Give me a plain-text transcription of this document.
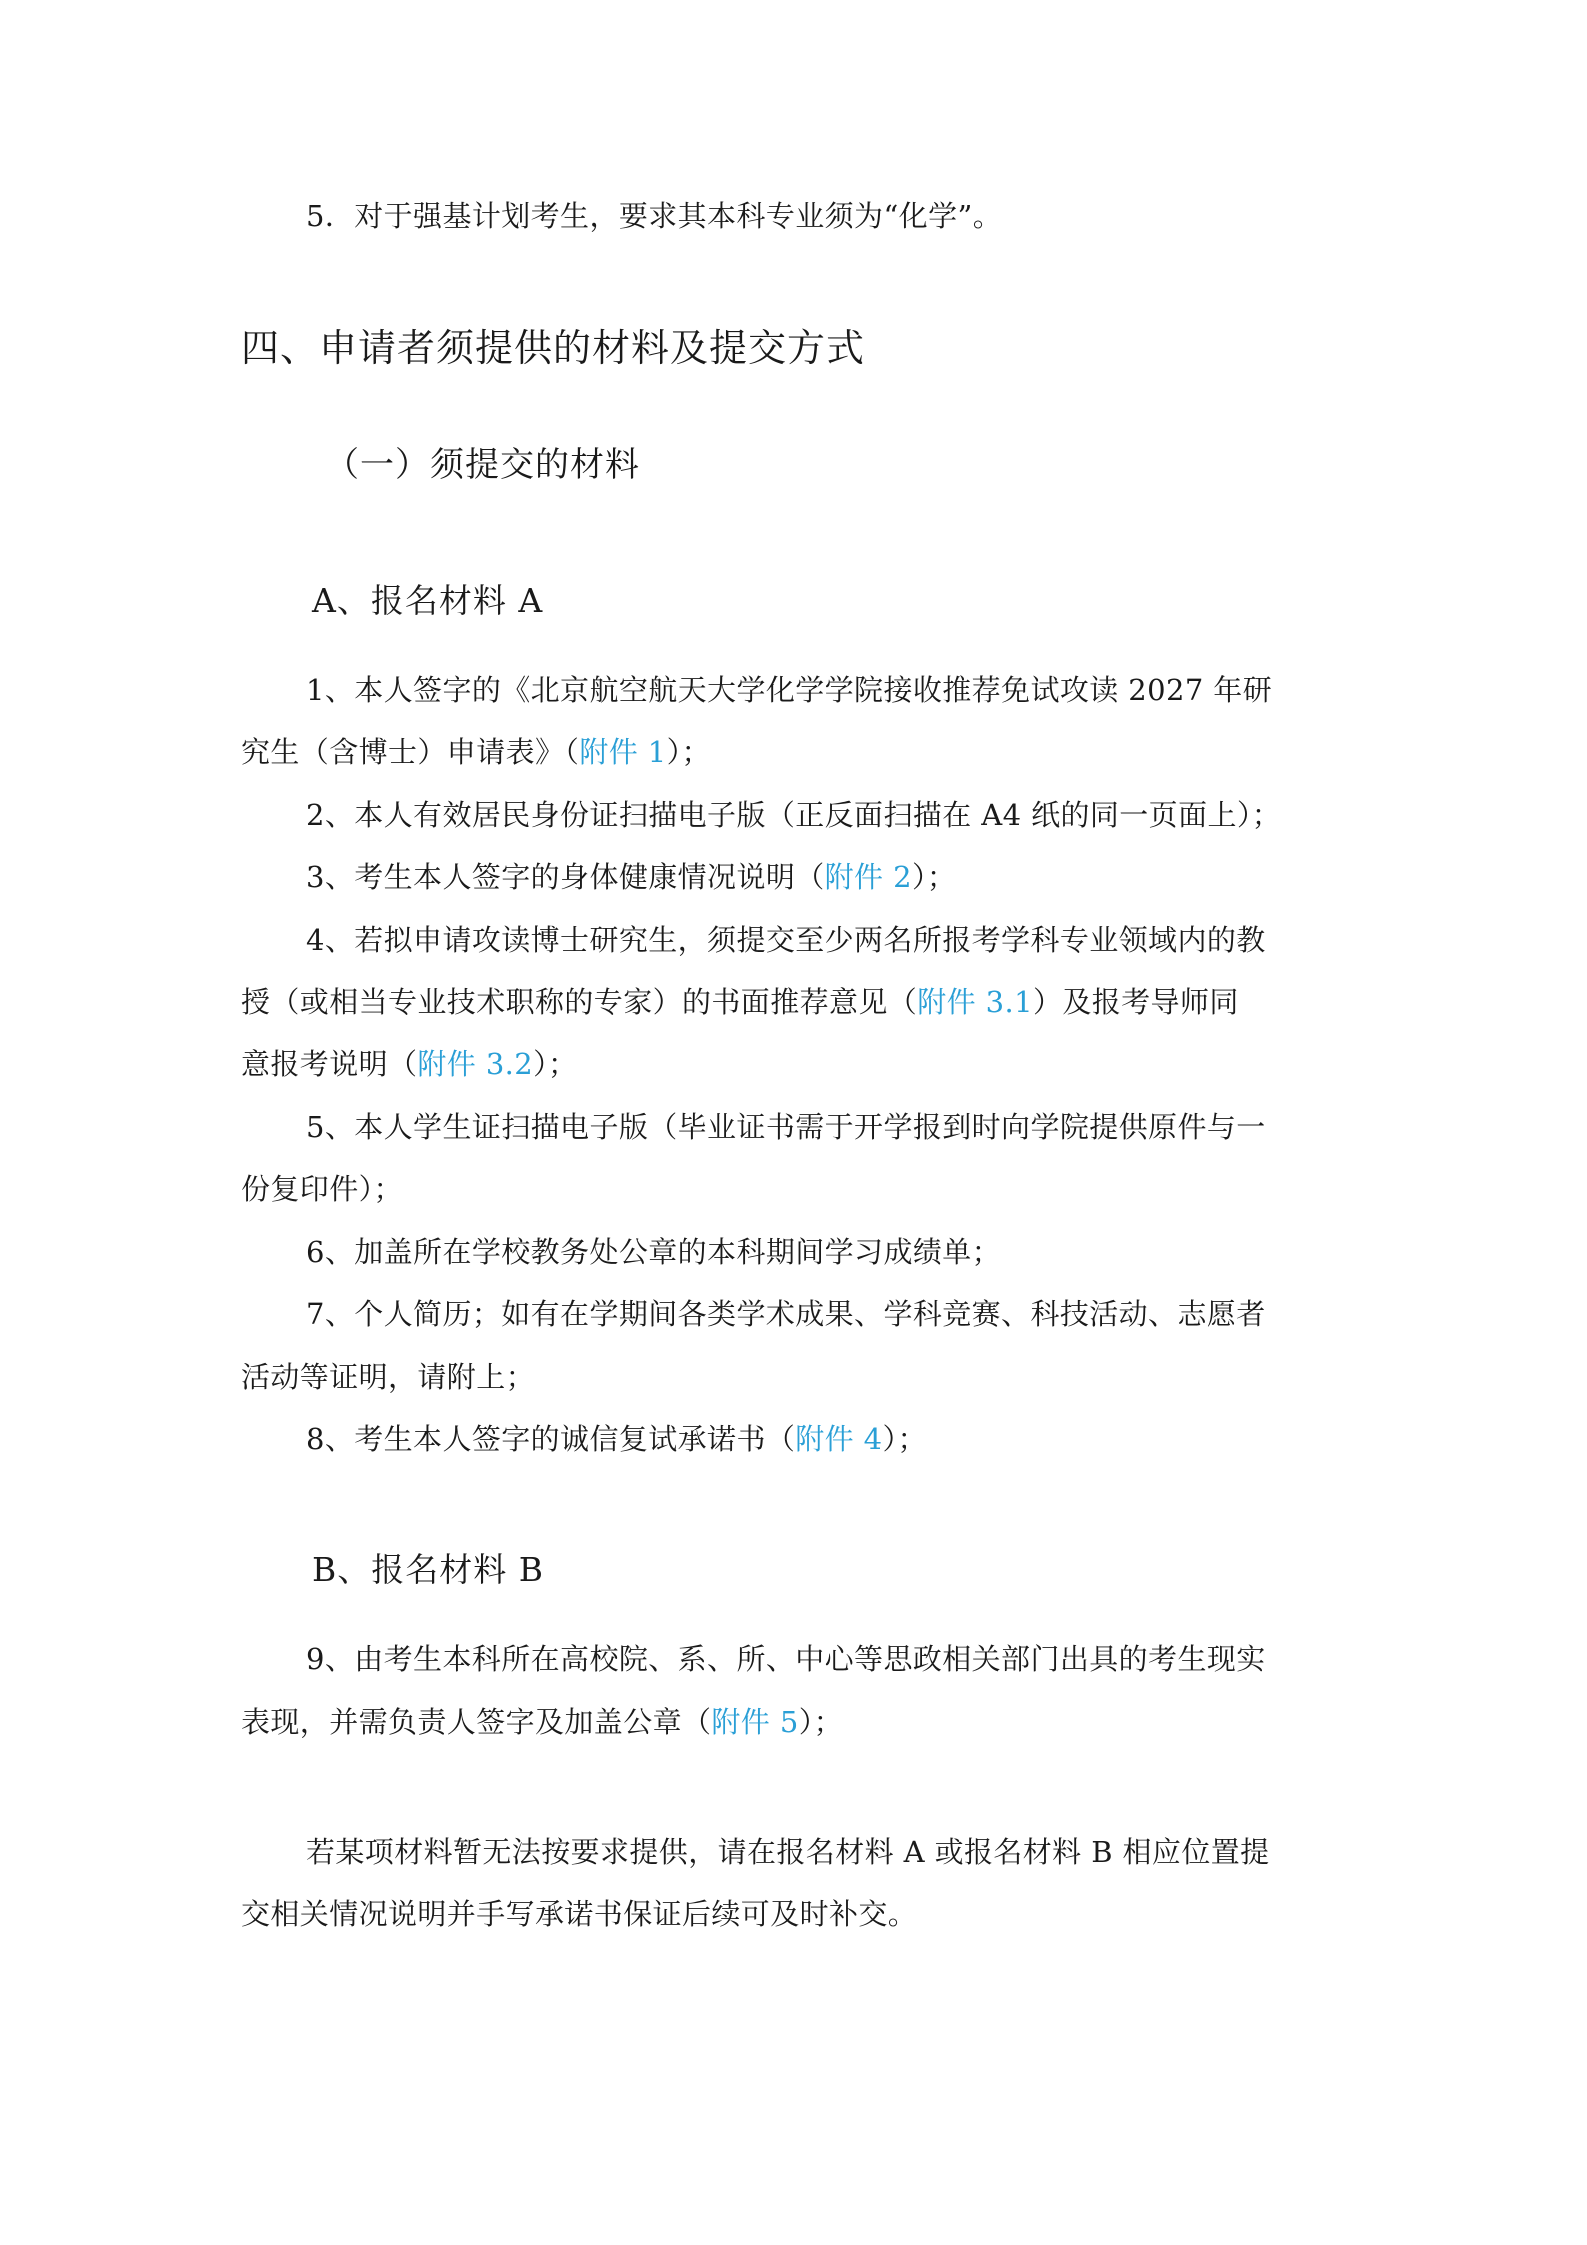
5．对于强基计划考生，要求其本科专业须为“化学”。
四、申请者须提供的材料及提交方式
（一）须提交的材料
A、报名材料 A
1、本人签字的《北京航空航天大学化学学院接收推荐免试攻读 2027 年研
究生（含博士）申请表》（附件 1）；
2、本人有效居民身份证扫描电子版（正反面扫描在 A4 纸的同一页面上）；
3、考生本人签字的身体健康情况说明（附件 2）；
4、若拟申请攻读博士研究生，须提交至少两名所报考学科专业领域内的教
授（或相当专业技术职称的专家）的书面推荐意见（附件 3.1）及报考导师同
意报考说明（附件 3.2）；
5、本人学生证扫描电子版（毕业证书需于开学报到时向学院提供原件与一
份复印件）；
6、加盖所在学校教务处公章的本科期间学习成绩单；
7、个人简历；如有在学期间各类学术成果、学科竞赛、科技活动、志愿者
活动等证明，请附上；
8、考生本人签字的诚信复试承诺书（附件 4）；
B、报名材料 B
9、由考生本科所在高校院、系、所、中心等思政相关部门出具的考生现实
表现，并需负责人签字及加盖公章（附件 5）；
若某项材料暂无法按要求提供，请在报名材料 A 或报名材料 B 相应位置提
交相关情况说明并手写承诺书保证后续可及时补交。
